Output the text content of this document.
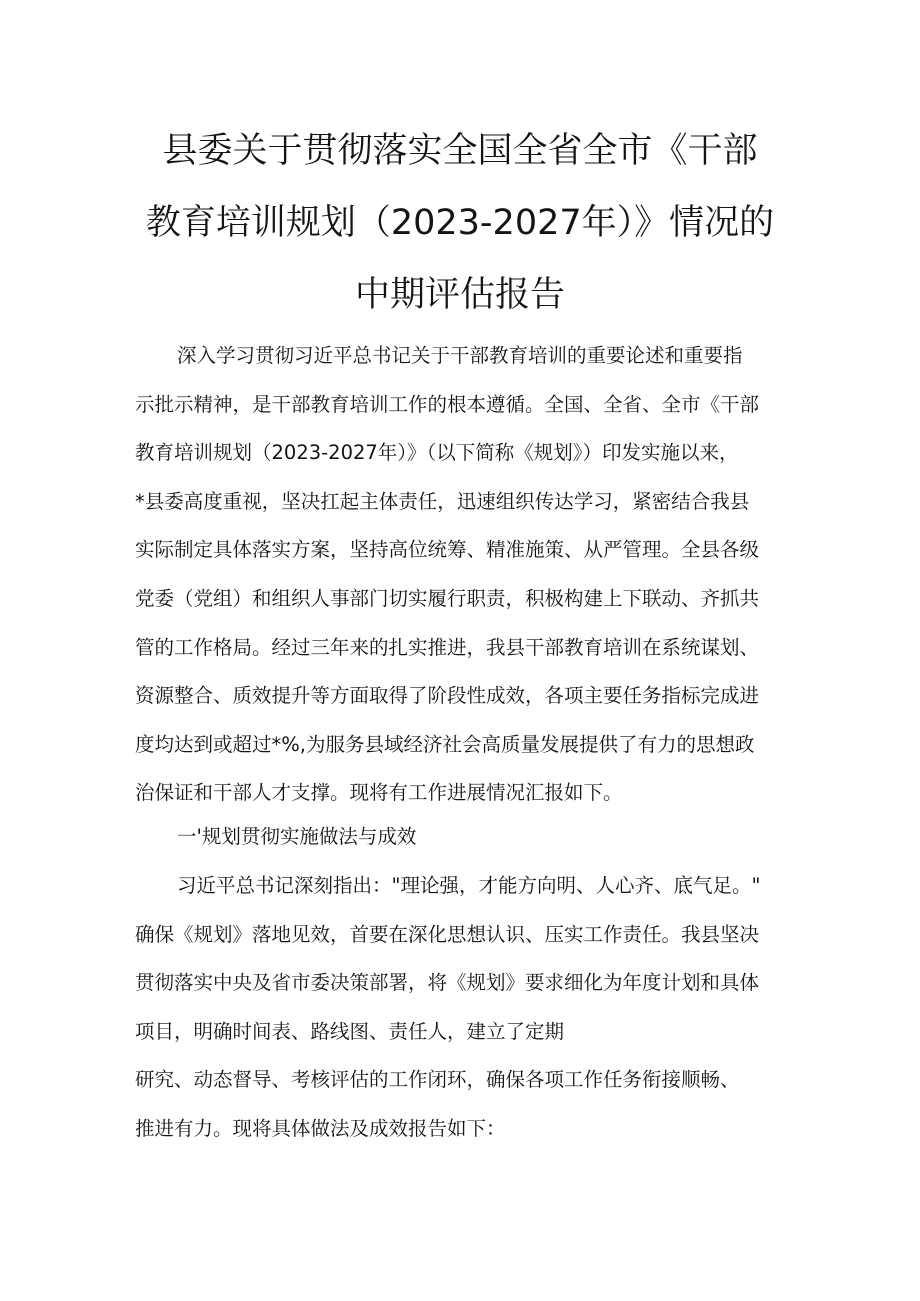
县委关于贯彻落实全国全省全市《干部
教育培训规划（2023-2027年）》情况的
中期评估报告
深入学习贯彻习近平总书记关于干部教育培训的重要论述和重要指
示批示精神，是干部教育培训工作的根本遵循。全国、全省、全市《干部
教育培训规划（2023-2027年）》（以下简称《规划》）印发实施以来，
*县委高度重视，坚决扛起主体责任，迅速组织传达学习，紧密结合我县
实际制定具体落实方案，坚持高位统筹、精准施策、从严管理。全县各级
党委（党组）和组织人事部门切实履行职责，积极构建上下联动、齐抓共
管的工作格局。经过三年来的扎实推进，我县干部教育培训在系统谋划、
资源整合、质效提升等方面取得了阶段性成效，各项主要任务指标完成进
度均达到或超过*%,为服务县域经济社会高质量发展提供了有力的思想政
治保证和干部人才支撑。现将有工作进展情况汇报如下。
一'规划贯彻实施做法与成效
习近平总书记深刻指出："理论强，才能方向明、人心齐、底气足。"
确保《规划》落地见效，首要在深化思想认识、压实工作责任。我县坚决
贯彻落实中央及省市委决策部署，将《规划》要求细化为年度计划和具体
项目，明确时间表、路线图、责任人，建立了定期
研究、动态督导、考核评估的工作闭环，确保各项工作任务衔接顺畅、
推进有力。现将具体做法及成效报告如下：
